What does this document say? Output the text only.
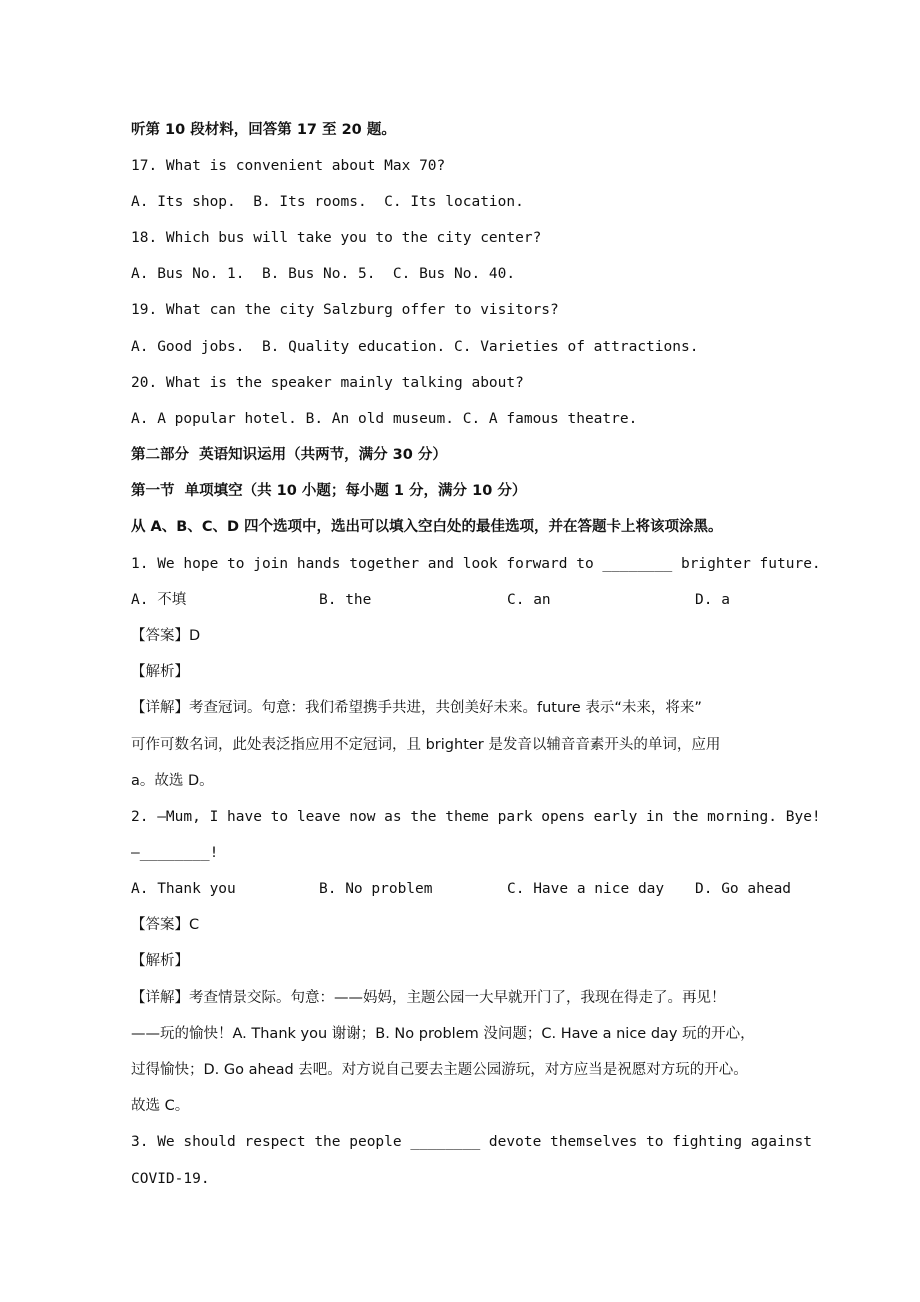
听第 10 段材料，回答第 17 至 20 题。
17. What is convenient about Max 70?
A. Its shop.  B. Its rooms.  C. Its location.
18. Which bus will take you to the city center?
A. Bus No. 1.  B. Bus No. 5.  C. Bus No. 40.
19. What can the city Salzburg offer to visitors?
A. Good jobs.  B. Quality education. C. Varieties of attractions.
20. What is the speaker mainly talking about?
A. A popular hotel. B. An old museum. C. A famous theatre.
第二部分  英语知识运用（共两节，满分 30 分）
第一节  单项填空（共 10 小题；每小题 1 分，满分 10 分）
从 A、B、C、D 四个选项中，选出可以填入空白处的最佳选项，并在答题卡上将该项涂黑。
1. We hope to join hands together and look forward to ________ brighter future.
A. 不填	B. the	C. an	D. a
【答案】D
【解析】
【详解】考查冠词。句意：我们希望携手共进，共创美好未来。future 表示“未来，将来”
可作可数名词，此处表泛指应用不定冠词，且 brighter 是发音以辅音音素开头的单词，应用
a。故选 D。
2. —Mum, I have to leave now as the theme park opens early in the morning. Bye!
—________!
A. Thank you	B. No problem	C. Have a nice day D. Go ahead
【答案】C
【解析】
【详解】考查情景交际。句意：——妈妈，主题公园一大早就开门了，我现在得走了。再见！
——玩的愉快！A. Thank you 谢谢；B. No problem 没问题；C. Have a nice day 玩的开心，
过得愉快；D. Go ahead 去吧。对方说自己要去主题公园游玩，对方应当是祝愿对方玩的开心。
故选 C。
3. We should respect the people ________ devote themselves to fighting against
COVID-19.
